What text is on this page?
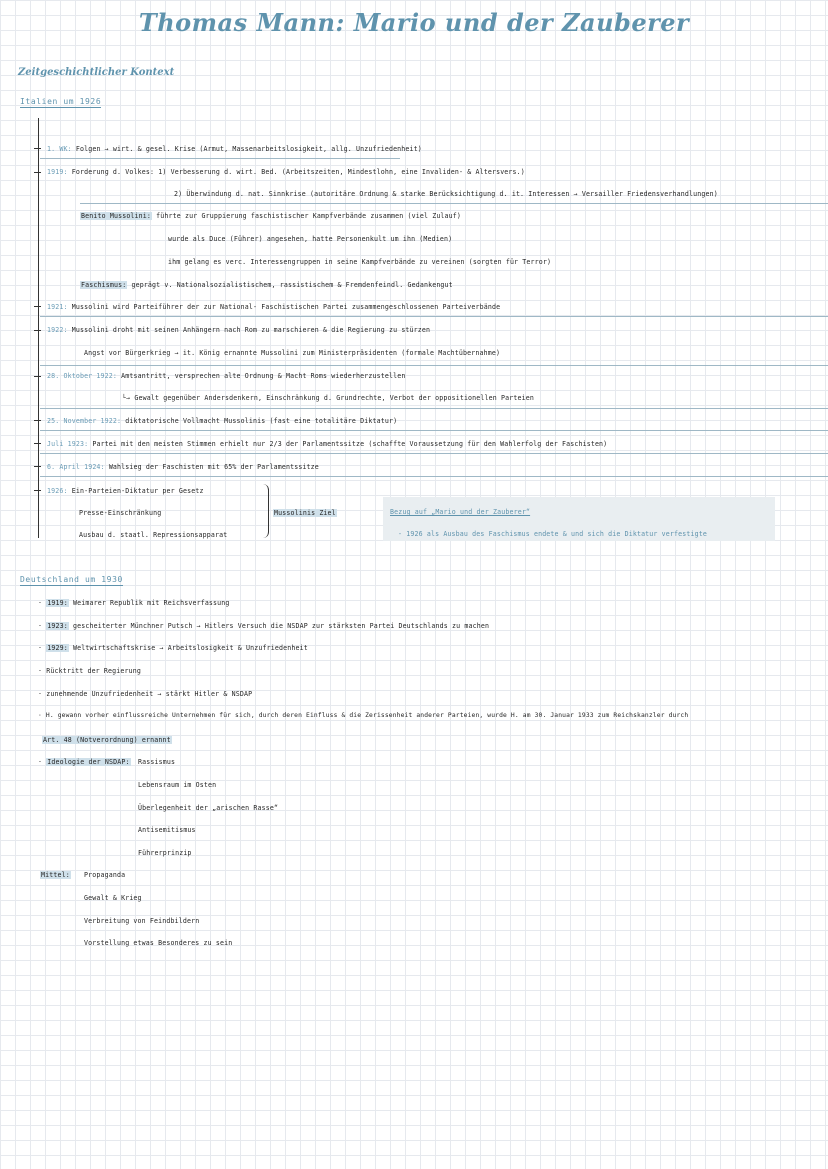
Thomas Mann: Mario und der Zauberer
Zeitgeschichtlicher Kontext
Italien um 1926
1. WK: Folgen → wirt. & gesel. Krise (Armut, Massenarbeitslosigkeit, allg. Unzufriedenheit)
1919: Forderung d. Volkes: 1) Verbesserung d. wirt. Bed. (Arbeitszeiten, Mindestlohn, eine Invaliden- & Altersvers.)
2) Überwindung d. nat. Sinnkrise (autoritäre Ordnung & starke Berücksichtigung d. it. Interessen → Versailler Friedensverhandlungen)
Benito Mussolini: führte zur Gruppierung faschistischer Kampfverbände zusammen (viel Zulauf)
wurde als Duce (Führer) angesehen, hatte Personenkult um ihn (Medien)
ihm gelang es verc. Interessengruppen in seine Kampfverbände zu vereinen (sorgten für Terror)
Faschismus: geprägt v. Nationalsozialistischem, rassistischem & Fremdenfeindl. Gedankengut
1921: Mussolini wird Parteiführer der zur National- Faschistischen Partei zusammengeschlossenen Parteiverbände
1922: Mussolini droht mit seinen Anhängern nach Rom zu marschieren & die Regierung zu stürzen
Angst vor Bürgerkrieg → it. König ernannte Mussolini zum Ministerpräsidenten (formale Machtübernahme)
28. Oktober 1922: Amtsantritt, versprechen alte Ordnung & Macht Roms wiederherzustellen
└→ Gewalt gegenüber Andersdenkern, Einschränkung d. Grundrechte, Verbot der oppositionellen Parteien
25. November 1922: diktatorische Vollmacht Mussolinis (fast eine totalitäre Diktatur)
Juli 1923: Partei mit den meisten Stimmen erhielt nur 2/3 der Parlamentssitze (schaffte Voraussetzung für den Wahlerfolg der Faschisten)
6. April 1924: Wahlsieg der Faschisten mit 65% der Parlamentssitze
1926: Ein-Parteien-Diktatur per Gesetz
Presse-Einschränkung
Ausbau d. staatl. Repressionsapparat
Mussolinis Ziel	Bezug auf „Mario und der Zauberer“
- 1926 als Ausbau des Faschismus endete & und sich die Diktatur verfestigte
Deutschland um 1930
· 1919: Weimarer Republik mit Reichsverfassung
· 1923: gescheiterter Münchner Putsch → Hitlers Versuch die NSDAP zur stärksten Partei Deutschlands zu machen
· 1929: Weltwirtschaftskrise → Arbeitslosigkeit & Unzufriedenheit
· Rücktritt der Regierung
· zunehmende Unzufriedenheit → stärkt Hitler & NSDAP
· H. gewann vorher einflussreiche Unternehmen für sich, durch deren Einfluss & die Zerissenheit anderer Parteien, wurde H. am 30. Januar 1933 zum Reichskanzler durch
Art. 48 (Notverordnung) ernannt
· Ideologie der NSDAP: Rassismus
Lebensraum im Osten
Überlegenheit der „arischen Rasse“
Antisemitismus
Führerprinzip
Mittel: Propaganda
Gewalt & Krieg
Verbreitung von Feindbildern
Vorstellung etwas Besonderes zu sein
